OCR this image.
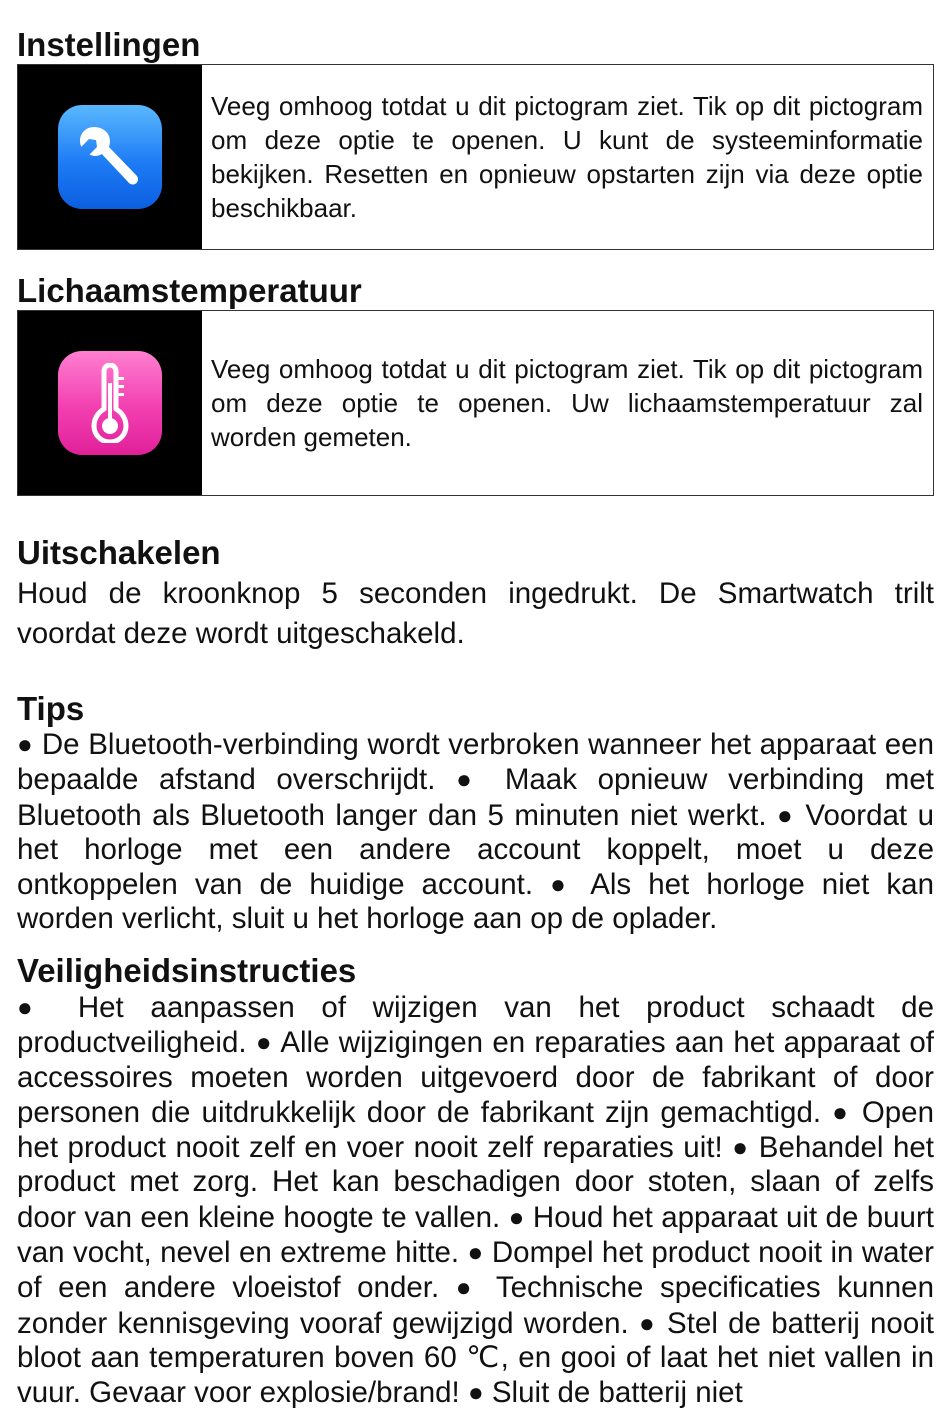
Instellingen
Veeg omhoog totdat u dit pictogram ziet. Tik op dit pictogram om deze optie te openen. U kunt de systeeminformatie bekijken. Resetten en opnieuw opstarten zijn via deze optie beschikbaar.
Lichaamstemperatuur
Veeg omhoog totdat u dit pictogram ziet. Tik op dit pictogram om deze optie te openen. Uw lichaamstemperatuur zal worden gemeten.
Uitschakelen

Houd de kroonknop 5 seconden ingedrukt. De Smartwatch trilt voordat deze wordt uitgeschakeld.

Tips

● De Bluetooth-verbinding wordt verbroken wanneer het apparaat een bepaalde afstand overschrijdt. ● Maak opnieuw verbinding met Bluetooth als Bluetooth langer dan 5 minuten niet werkt. ● Voordat u het horloge met een andere account koppelt, moet u deze ontkoppelen van de huidige account. ● Als het horloge niet kan worden verlicht, sluit u het horloge aan op de oplader.

Veiligheidsinstructies

● Het aanpassen of wijzigen van het product schaadt de productveiligheid. ● Alle wijzigingen en reparaties aan het apparaat of accessoires moeten worden uitgevoerd door de fabrikant of door personen die uitdrukkelijk door de fabrikant zijn gemachtigd. ● Open het product nooit zelf en voer nooit zelf reparaties uit! ● Behandel het product met zorg. Het kan beschadigen door stoten, slaan of zelfs door van een kleine hoogte te vallen. ● Houd het apparaat uit de buurt van vocht, nevel en extreme hitte. ● Dompel het product nooit in water of een andere vloeistof onder. ● Technische specificaties kunnen zonder kennisgeving vooraf gewijzigd worden. ● Stel de batterij nooit bloot aan temperaturen boven 60 ℃, en gooi of laat het niet vallen in vuur. Gevaar voor explosie/brand! ● Sluit de batterij niet
